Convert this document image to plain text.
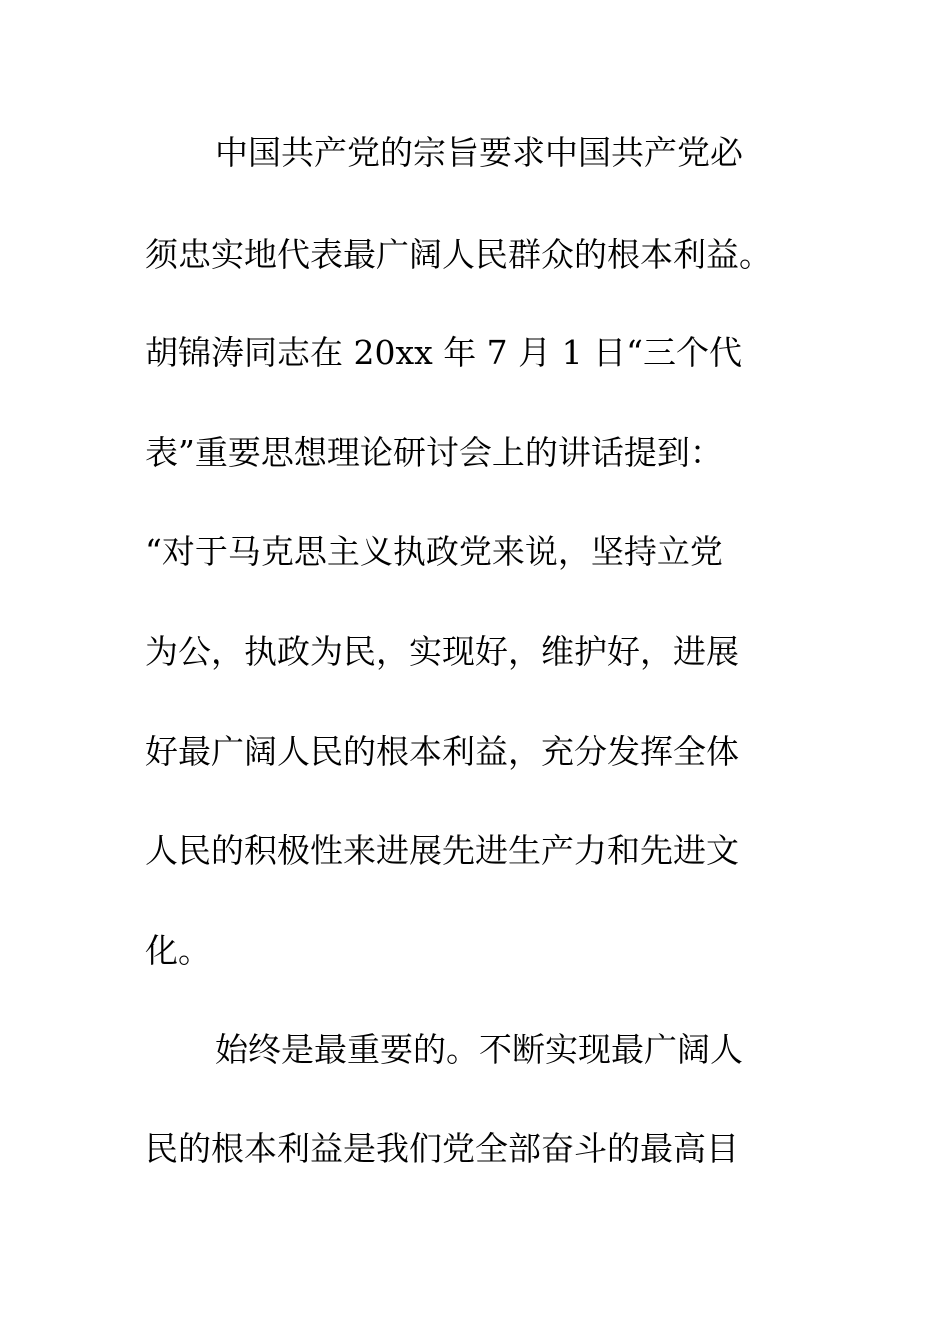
中国共产党的宗旨要求中国共产党必
须忠实地代表最广阔人民群众的根本利益。
胡锦涛同志在 20xx 年 7 月 1 日“三个代
表”重要思想理论研讨会上的讲话提到：
“对于马克思主义执政党来说，坚持立党
为公，执政为民，实现好，维护好，进展
好最广阔人民的根本利益，充分发挥全体
人民的积极性来进展先进生产力和先进文
化。
始终是最重要的。不断实现最广阔人
民的根本利益是我们党全部奋斗的最高目
